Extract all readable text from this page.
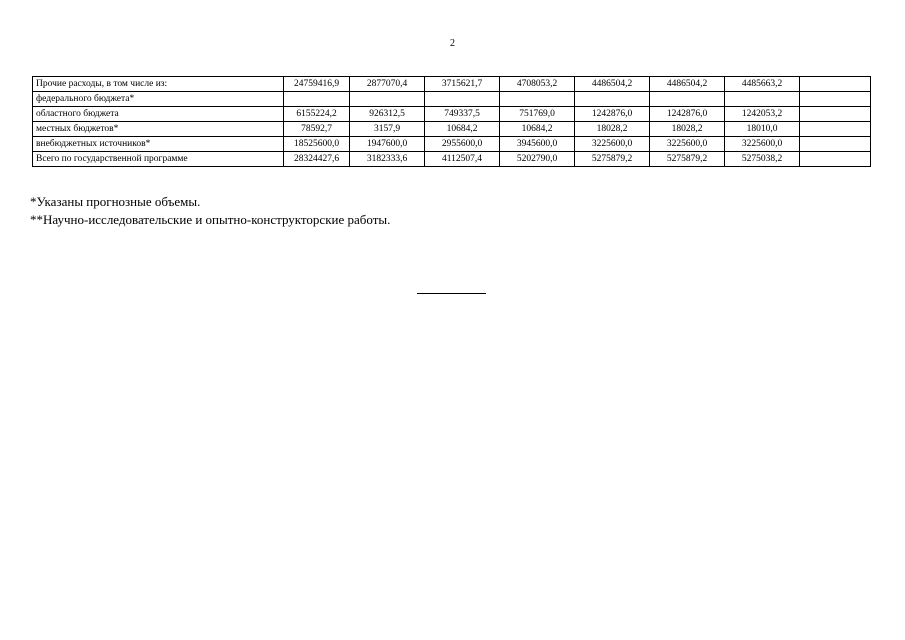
2
Прочие расходы, в том числе из:	24759416,9	2877070,4	3715621,7	4708053,2	4486504,2	4486504,2	4485663,2	
федерального бюджета*								
областного бюджета	6155224,2	926312,5	749337,5	751769,0	1242876,0	1242876,0	1242053,2	
местных бюджетов*	78592,7	3157,9	10684,2	10684,2	18028,2	18028,2	18010,0	
внебюджетных источников*	18525600,0	1947600,0	2955600,0	3945600,0	3225600,0	3225600,0	3225600,0	
Всего по государственной программе	28324427,6	3182333,6	4112507,4	5202790,0	5275879,2	5275879,2	5275038,2	
*Указаны прогнозные объемы.
**Научно-исследовательские и опытно-конструкторские работы.
